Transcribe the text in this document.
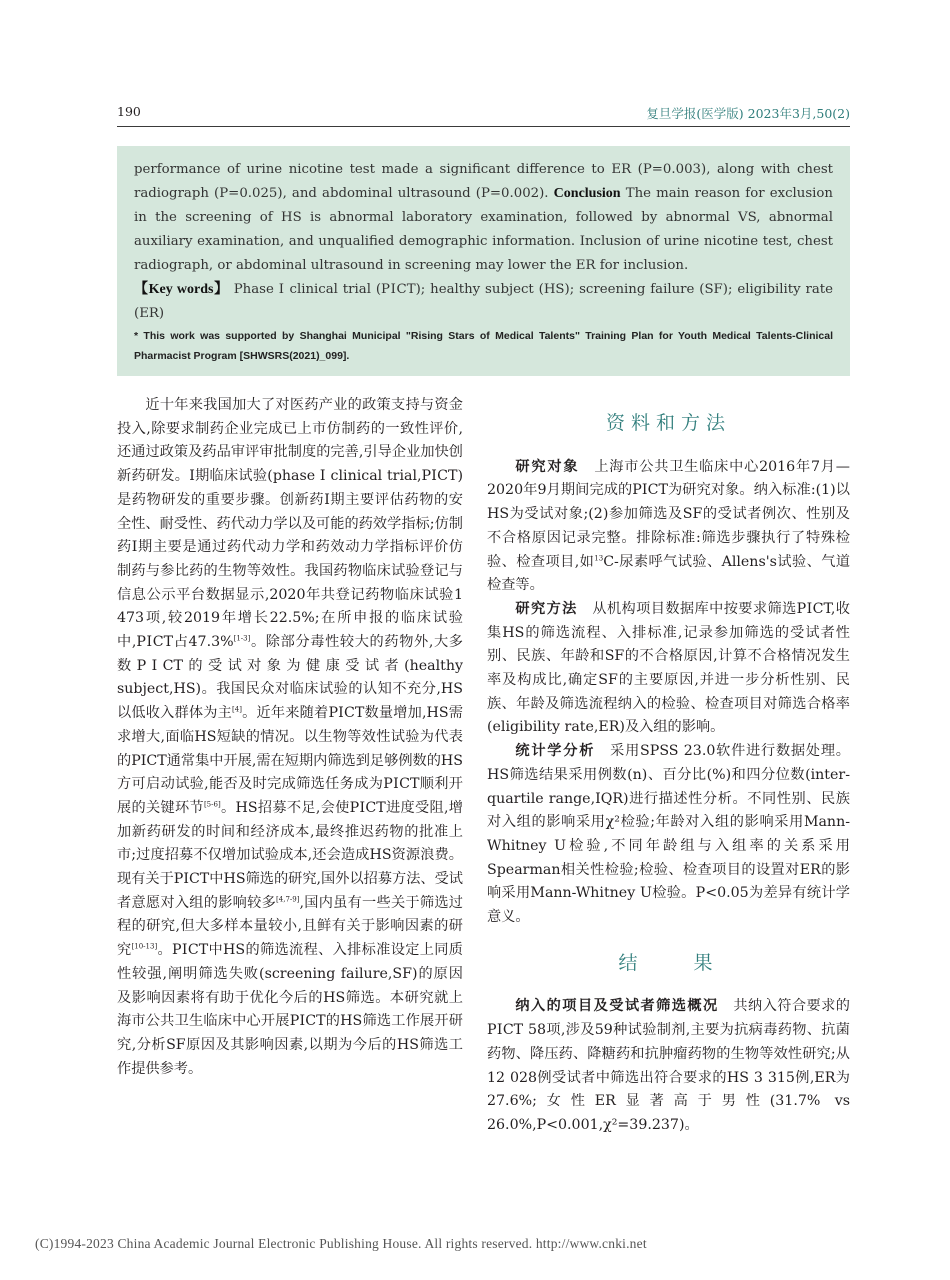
190	复旦学报(医学版) 2023年3月,50(2)

performance of urine nicotine test made a significant difference to ER (P=0.003), along with chest radiograph (P=0.025), and abdominal ultrasound (P=0.002). Conclusion The main reason for exclusion in the screening of HS is abnormal laboratory examination, followed by abnormal VS, abnormal auxiliary examination, and unqualified demographic information. Inclusion of urine nicotine test, chest radiograph, or abdominal ultrasound in screening may lower the ER for inclusion.

【Key words】 Phase Ⅰ clinical trial (PⅠCT); healthy subject (HS); screening failure (SF); eligibility rate (ER)

* This work was supported by Shanghai Municipal "Rising Stars of Medical Talents" Training Plan for Youth Medical Talents-Clinical Pharmacist Program [SHWSRS(2021)_099].

近十年来我国加大了对医药产业的政策支持与资金投入,除要求制药企业完成已上市仿制药的一致性评价,还通过政策及药品审评审批制度的完善,引导企业加快创新药研发。I期临床试验(phase Ⅰ clinical trial,PⅠCT)是药物研发的重要步骤。创新药Ⅰ期主要评估药物的安全性、耐受性、药代动力学以及可能的药效学指标;仿制药Ⅰ期主要是通过药代动力学和药效动力学指标评价仿制药与参比药的生物等效性。我国药物临床试验登记与信息公示平台数据显示,2020年共登记药物临床试验1 473项,较2019年增长22.5%;在所申报的临床试验中,PⅠCT占47.3%[1-3]。除部分毒性较大的药物外,大多数PⅠCT的受试对象为健康受试者(healthy subject,HS)。我国民众对临床试验的认知不充分,HS以低收入群体为主[4]。近年来随着PⅠCT数量增加,HS需求增大,面临HS短缺的情况。以生物等效性试验为代表的PⅠCT通常集中开展,需在短期内筛选到足够例数的HS方可启动试验,能否及时完成筛选任务成为PⅠCT顺利开展的关键环节[5-6]。HS招募不足,会使PⅠCT进度受阻,增加新药研发的时间和经济成本,最终推迟药物的批准上市;过度招募不仅增加试验成本,还会造成HS资源浪费。现有关于PⅠCT中HS筛选的研究,国外以招募方法、受试者意愿对入组的影响较多[4,7-9],国内虽有一些关于筛选过程的研究,但大多样本量较小,且鲜有关于影响因素的研究[10-13]。PⅠCT中HS的筛选流程、入排标准设定上同质性较强,阐明筛选失败(screening failure,SF)的原因及影响因素将有助于优化今后的HS筛选。本研究就上海市公共卫生临床中心开展PⅠCT的HS筛选工作展开研究,分析SF原因及其影响因素,以期为今后的HS筛选工作提供参考。

资料和方法

研究对象　 上海市公共卫生临床中心2016年7月—2020年9月期间完成的PⅠCT为研究对象。纳入标准:(1)以HS为受试对象;(2)参加筛选及SF的受试者例次、性别及不合格原因记录完整。排除标准:筛选步骤执行了特殊检验、检查项目,如$^{13}$C-尿素呼气试验、Allens's试验、气道检查等。

研究方法　 从机构项目数据库中按要求筛选PⅠCT,收集HS的筛选流程、入排标准,记录参加筛选的受试者性别、民族、年龄和SF的不合格原因,计算不合格情况发生率及构成比,确定SF的主要原因,并进一步分析性别、民族、年龄及筛选流程纳入的检验、检查项目对筛选合格率(eligibility rate,ER)及入组的影响。

统计学分析　 采用SPSS 23.0软件进行数据处理。HS筛选结果采用例数(n)、百分比(%)和四分位数(inter-quartile range,IQR)进行描述性分析。不同性别、民族对入组的影响采用χ²检验;年龄对入组的影响采用Mann-Whitney U检验,不同年龄组与入组率的关系采用Spearman相关性检验;检验、检查项目的设置对ER的影响采用Mann-Whitney U检验。P<0.05为差异有统计学意义。

结　　果

纳入的项目及受试者筛选概况　 共纳入符合要求的PⅠCT 58项,涉及59种试验制剂,主要为抗病毒药物、抗菌药物、降压药、降糖药和抗肿瘤药物的生物等效性研究;从12 028例受试者中筛选出符合要求的HS 3 315例,ER为27.6%;女性ER显著高于男性(31.7% vs 26.0%,P<0.001,χ²=39.237)。

(C)1994-2023 China Academic Journal Electronic Publishing House. All rights reserved. http://www.cnki.net
